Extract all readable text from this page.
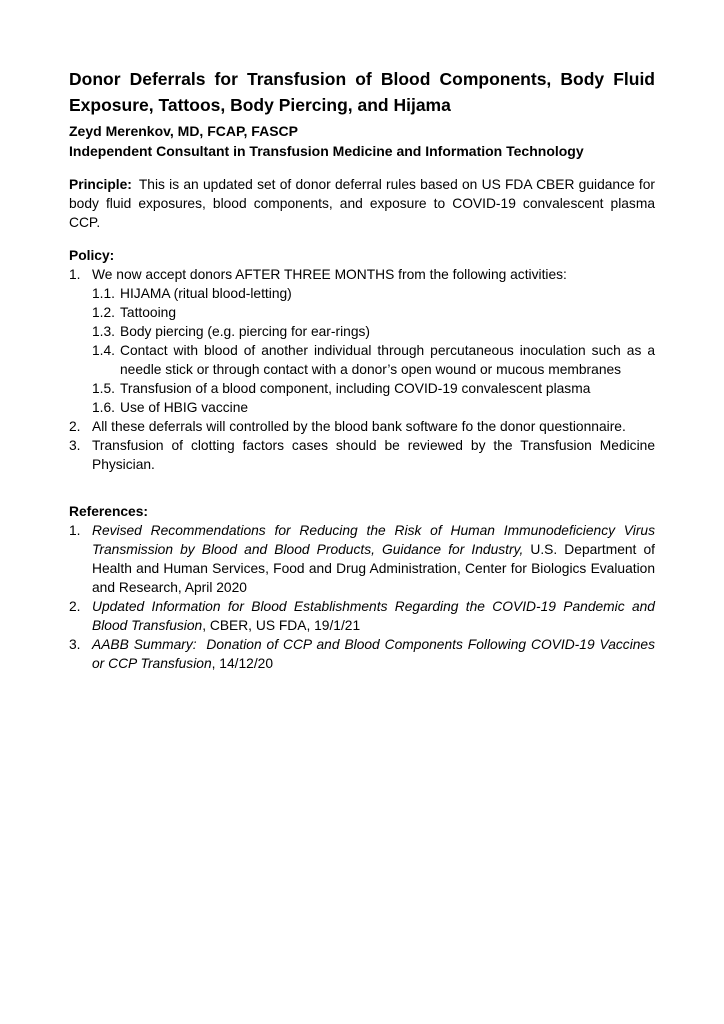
Donor Deferrals for Transfusion of Blood Components, Body Fluid Exposure, Tattoos, Body Piercing, and Hijama

Zeyd Merenkov, MD, FCAP, FASCP

Independent Consultant in Transfusion Medicine and Information Technology

Principle: This is an updated set of donor deferral rules based on US FDA CBER guidance for body fluid exposures, blood components, and exposure to COVID-19 convalescent plasma CCP.

Policy:

1. We now accept donors AFTER THREE MONTHS from the following activities:
1.1. HIJAMA (ritual blood-letting)
1.2. Tattooing
1.3. Body piercing (e.g. piercing for ear-rings)
1.4. Contact with blood of another individual through percutaneous inoculation such as a needle stick or through contact with a donor’s open wound or mucous membranes
1.5. Transfusion of a blood component, including COVID-19 convalescent plasma
1.6. Use of HBIG vaccine
2. All these deferrals will controlled by the blood bank software fo the donor questionnaire.
3. Transfusion of clotting factors cases should be reviewed by the Transfusion Medicine Physician.

References:

1. Revised Recommendations for Reducing the Risk of Human Immunodeficiency Virus Transmission by Blood and Blood Products, Guidance for Industry, U.S. Department of Health and Human Services, Food and Drug Administration, Center for Biologics Evaluation and Research, April 2020
2. Updated Information for Blood Establishments Regarding the COVID-19 Pandemic and Blood Transfusion, CBER, US FDA, 19/1/21
3. AABB Summary:  Donation of CCP and Blood Components Following COVID-19 Vaccines or CCP Transfusion, 14/12/20
